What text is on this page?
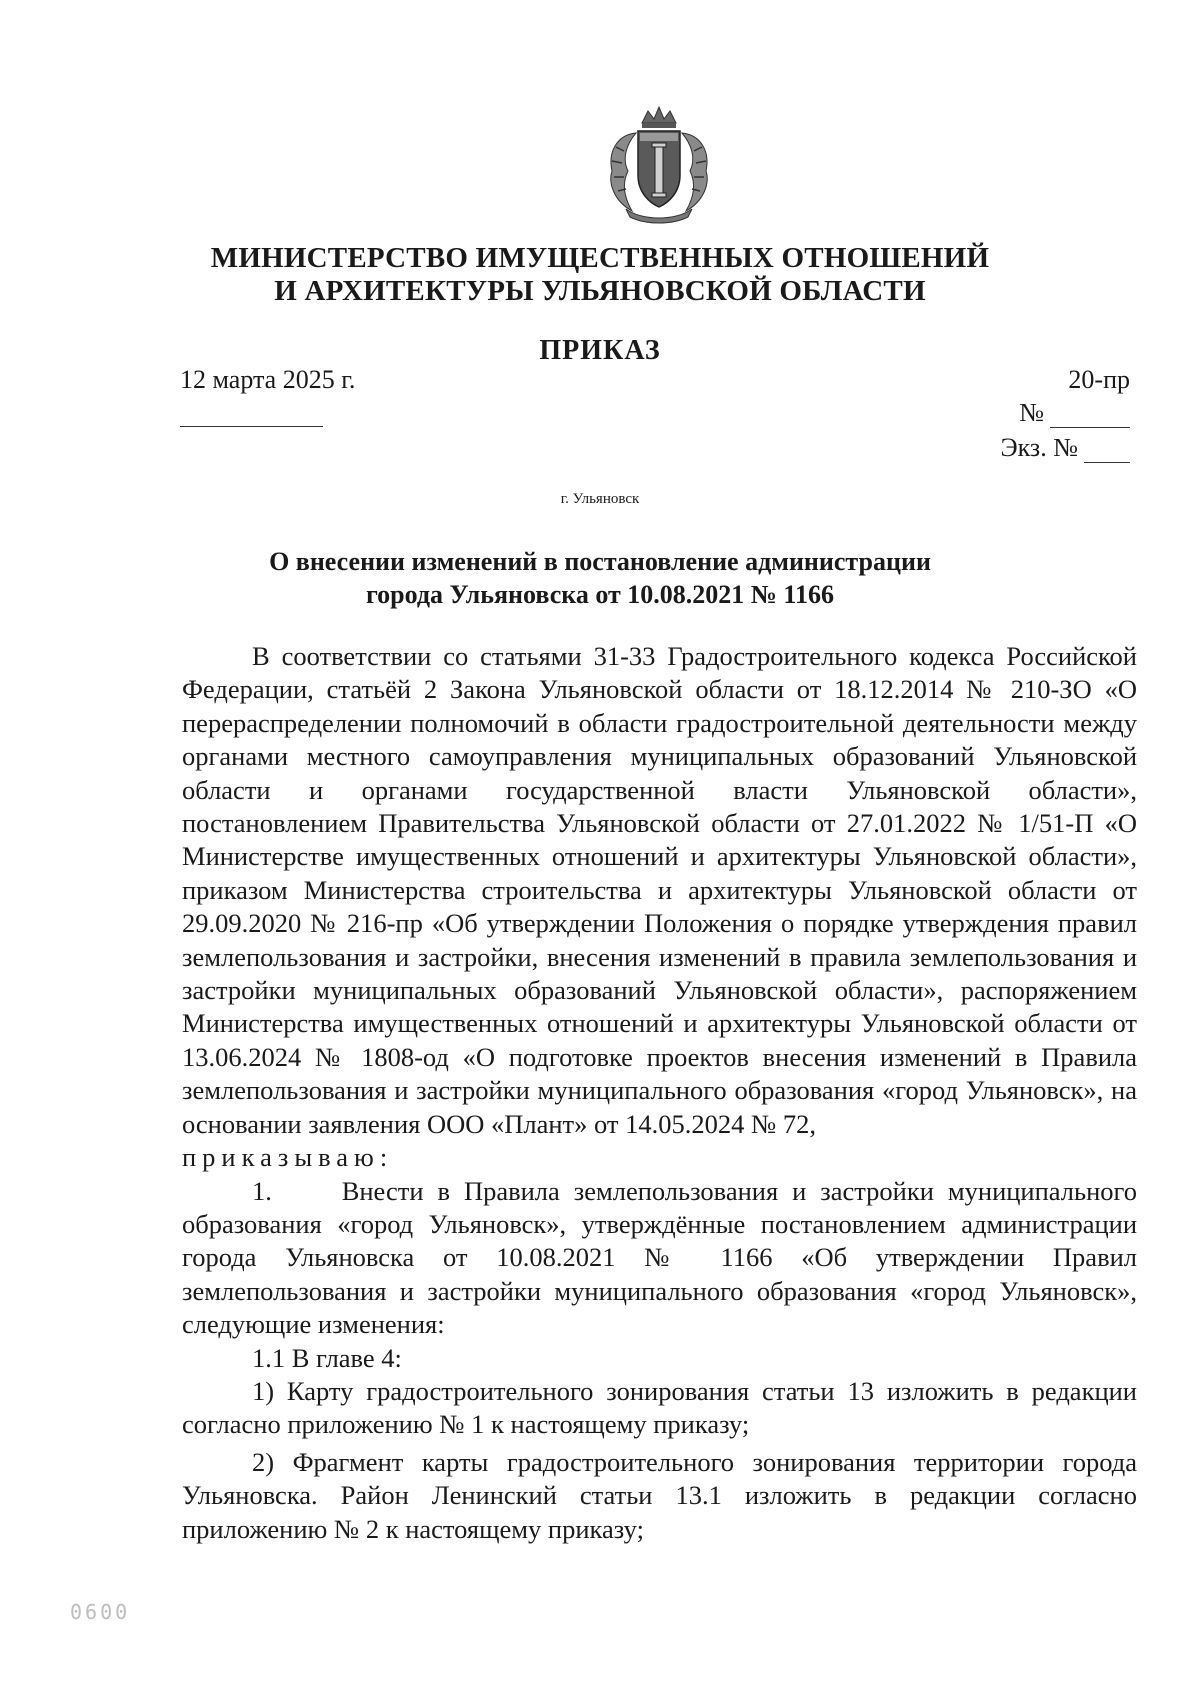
МИНИСТЕРСТВО ИМУЩЕСТВЕННЫХ ОТНОШЕНИЙ
И АРХИТЕКТУРЫ УЛЬЯНОВСКОЙ ОБЛАСТИ
ПРИКАЗ
12 марта 2025 г.	20-пр
№
Экз. №
г. Ульяновск
О внесении изменений в постановление администрации
города Ульяновска от 10.08.2021 № 1166

В соответствии со статьями 31-33 Градостроительного кодекса Российской Федерации, статьёй 2 Закона Ульяновской области от 18.12.2014 № 210-ЗО «О перераспределении полномочий в области градостроительной деятельности между органами местного самоуправления муниципальных образований Ульяновской области и органами государственной власти Ульяновской области», постановлением Правительства Ульяновской области от 27.01.2022 № 1/51-П «О Министерстве имущественных отношений и архитектуры Ульяновской области», приказом Министерства строительства и архитектуры Ульяновской области от 29.09.2020 № 216-пр «Об утверждении Положения о порядке утверждения правил землепользования и застройки, внесения изменений в правила землепользования и застройки муниципальных образований Ульяновской области», распоряжением Министерства имущественных отношений и архитектуры Ульяновской области от 13.06.2024 № 1808-од «О подготовке проектов внесения изменений в Правила землепользования и застройки муниципального образования «город Ульяновск», на основании заявления ООО «Плант» от 14.05.2024 № 72,

приказываю:

1.     Внести в Правила землепользования и застройки муниципального образования «город Ульяновск», утверждённые постановлением администрации города Ульяновска от 10.08.2021 № 1166 «Об утверждении Правил землепользования и застройки муниципального образования «город Ульяновск», следующие изменения:

1.1 В главе 4:

1) Карту градостроительного зонирования статьи 13 изложить в редакции согласно приложению № 1 к настоящему приказу;

2) Фрагмент карты градостроительного зонирования территории города Ульяновска. Район Ленинский статьи 13.1 изложить в редакции согласно приложению № 2 к настоящему приказу;

0600
